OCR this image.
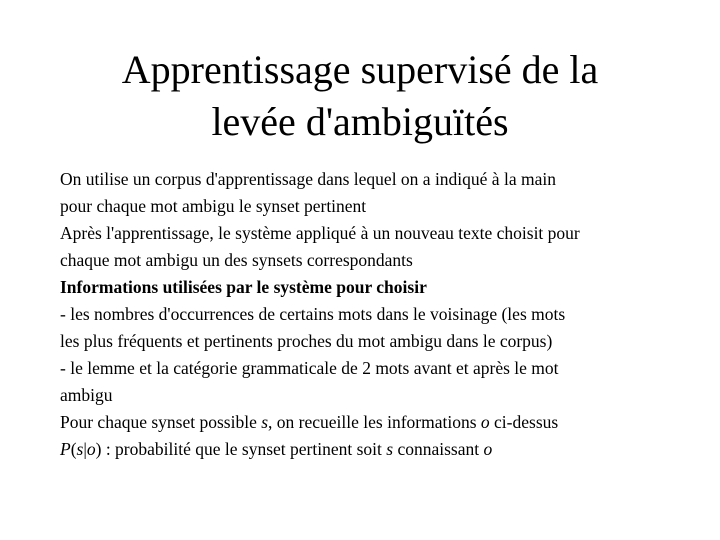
Apprentissage supervisé de la
levée d'ambiguïtés

On utilise un corpus d'apprentissage dans lequel on a indiqué à la main
pour chaque mot ambigu le synset pertinent

Après l'apprentissage, le système appliqué à un nouveau texte choisit pour
chaque mot ambigu un des synsets correspondants

Informations utilisées par le système pour choisir

- les nombres d'occurrences de certains mots dans le voisinage (les mots
les plus fréquents et pertinents proches du mot ambigu dans le corpus)

- le lemme et la catégorie grammaticale de 2 mots avant et après le mot
ambigu

Pour chaque synset possible s, on recueille les informations o ci-dessus

P(s|o) : probabilité que le synset pertinent soit s connaissant o
